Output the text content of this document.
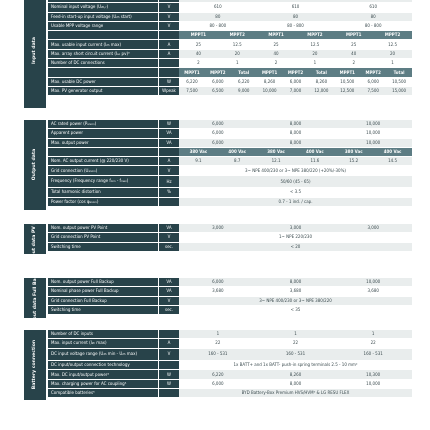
Input data
Nominal input voltage (U₂ₕˌᵣ)	V	610	610	610
Feed-in start-up input voltage (U₂ₕ start)	V	80	80	80
Usable MPP voltage range	V	80 - 800	80 - 800	80 - 800
MPPT1	MPPT2	MPPT1	MPPT2	MPPT1	MPPT2
Max. usable input current (I₂ₕ max)	A	25	12.5	25	12.5	25	12.5
Max. array short circuit current (Iₛₒ pv)³	A	40	20	40	20	40	20
Number of DC connections	2	1	2	1	2	1
MPPT1	MPPT2	Total	MPPT1	MPPT2	Total	MPPT1	MPPT2	Total
Max. usable DC power	W	6,220	6,000	6,220	8,260	6,000	8,260	10,500	6,000	10,500
Max. PV generator output	Wpeak	7,500	6,500	9,000	10,000	7,000	12,000	12,500	7,500	15,000
Output data
AC rated power (Pₐₙₒₘ)	W	6,000	8,000	10,000
Apparent power	VA	6,000	8,000	10,000
Max. output power	VA	6,000	8,000	10,000
380 Vac	400 Vac	380 Vac	400 Vac	380 Vac	400 Vac
Nom. AC output current (@ 220/230 V)	A	9.1	8.7	12.1	11.6	15.2	14.5
Grid connection (Uₐₙₒₘ)	V	3~ NPE 400/230 or 3~ NPE 380/220 (+20%/-30%)
Frequency (Frequency range fₘᵢₙ - fₘₐₓ)	Hz	50/60 (45 - 65)
Total harmonic distortion	%	< 3.5
Power factor (cos φₐₙₒₘ)	0.7 - 1 ind. / cap.
Output data PV Point	Nom. output power PV Point	VA	3,000	3,000	3,000
Grid connection PV Point	V	1~ NPE 220/230
Switching time	sec.	< 20
Output data Full Backup	Nom. output power Full Backup	VA	6,000	8,000	10,000
Nominal phase power Full Backup	VA	3,680	3,680	3,680
Grid connection Full Backup	V	3~ NPE 400/230 or 3~ NPE 380/220
Switching time	sec.	< 35
Battery connection
Number of DC inputs	1	1	1
Max. input current (I₂ₕ max)	A	22	22	22
DC input voltage range (U₂ₕ min - U₂ₕ max)	V	160 - 531	160 - 531	160 - 531
DC input/output connection technology	1x BATT+ and 1x BATT- push-in spring terminals 2.5 - 10 mm²
Max. DC input/output power⁴	W	6,220	8,260	10,300
Max. charging power for AC coupling⁴	W	6,000	8,000	10,000
Compatible batteries⁵	BYD Battery-Box Premium HVS/HVM⁶ & LG RESU FLEX
